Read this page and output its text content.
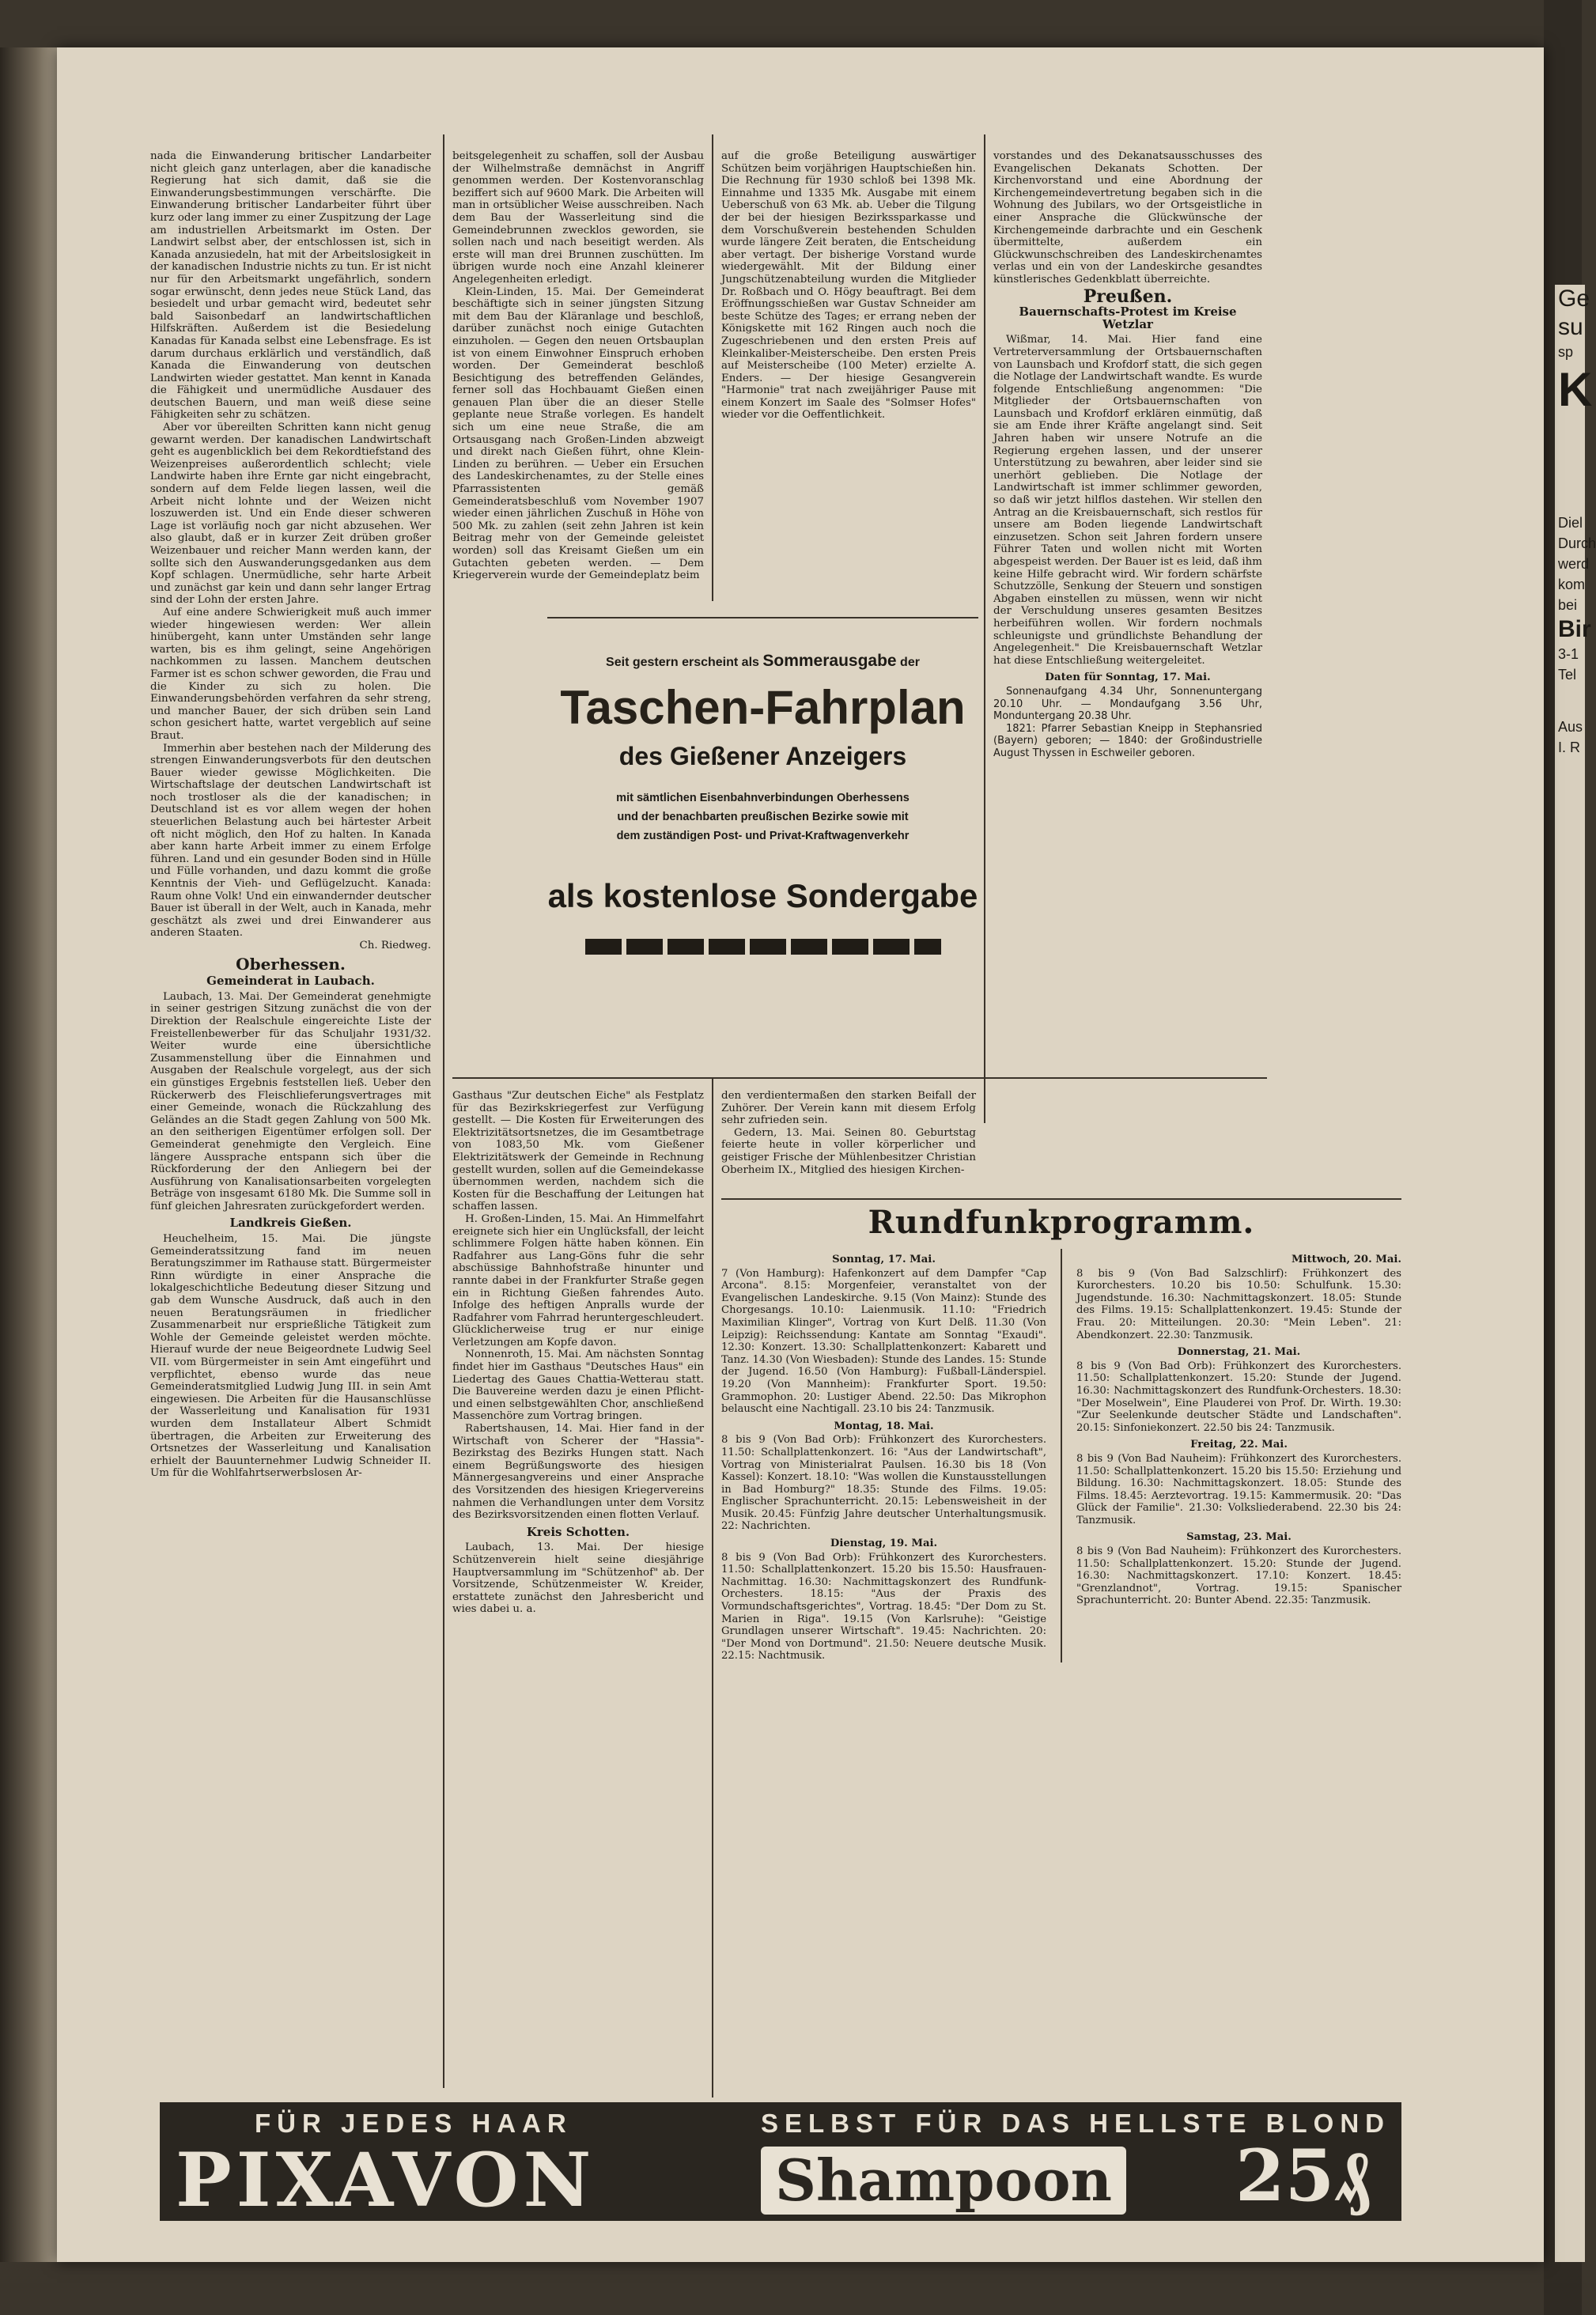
Ge
su
sp
K
Diel
Durch
werd
kom
bei
Bir
3-1
Tel
Aus
I. R

nada die Einwanderung britischer Landarbeiter nicht gleich ganz unterlagen, aber die kanadische Regierung hat sich damit, daß sie die Einwanderungsbestimmungen verschärfte. Die Einwanderung britischer Landarbeiter führt über kurz oder lang immer zu einer Zuspitzung der Lage am industriellen Arbeitsmarkt im Osten. Der Landwirt selbst aber, der entschlossen ist, sich in Kanada anzusiedeln, hat mit der Arbeitslosigkeit in der kanadischen Industrie nichts zu tun. Er ist nicht nur für den Arbeitsmarkt ungefährlich, sondern sogar erwünscht, denn jedes neue Stück Land, das besiedelt und urbar gemacht wird, bedeutet sehr bald Saisonbedarf an landwirtschaftlichen Hilfskräften. Außerdem ist die Besiedelung Kanadas für Kanada selbst eine Lebensfrage. Es ist darum durchaus erklärlich und verständlich, daß Kanada die Einwanderung von deutschen Landwirten wieder gestattet. Man kennt in Kanada die Fähigkeit und unermüdliche Ausdauer des deutschen Bauern, und man weiß diese seine Fähigkeiten sehr zu schätzen.

Aber vor übereilten Schritten kann nicht genug gewarnt werden. Der kanadischen Landwirtschaft geht es augenblicklich bei dem Rekordtiefstand des Weizenpreises außerordentlich schlecht; viele Landwirte haben ihre Ernte gar nicht eingebracht, sondern auf dem Felde liegen lassen, weil die Arbeit nicht lohnte und der Weizen nicht loszuwerden ist. Und ein Ende dieser schweren Lage ist vorläufig noch gar nicht abzusehen. Wer also glaubt, daß er in kurzer Zeit drüben großer Weizenbauer und reicher Mann werden kann, der sollte sich den Auswanderungsgedanken aus dem Kopf schlagen. Unermüdliche, sehr harte Arbeit und zunächst gar kein und dann sehr langer Ertrag sind der Lohn der ersten Jahre.

Auf eine andere Schwierigkeit muß auch immer wieder hingewiesen werden: Wer allein hinübergeht, kann unter Umständen sehr lange warten, bis es ihm gelingt, seine Angehörigen nachkommen zu lassen. Manchem deutschen Farmer ist es schon schwer geworden, die Frau und die Kinder zu sich zu holen. Die Einwanderungsbehörden verfahren da sehr streng, und mancher Bauer, der sich drüben sein Land schon gesichert hatte, wartet vergeblich auf seine Braut.

Immerhin aber bestehen nach der Milderung des strengen Einwanderungsverbots für den deutschen Bauer wieder gewisse Möglichkeiten. Die Wirtschaftslage der deutschen Landwirtschaft ist noch trostloser als die der kanadischen; in Deutschland ist es vor allem wegen der hohen steuerlichen Belastung auch bei härtester Arbeit oft nicht möglich, den Hof zu halten. In Kanada aber kann harte Arbeit immer zu einem Erfolge führen. Land und ein gesunder Boden sind in Hülle und Fülle vorhanden, und dazu kommt die große Kenntnis der Vieh- und Geflügelzucht. Kanada: Raum ohne Volk! Und ein einwandernder deutscher Bauer ist überall in der Welt, auch in Kanada, mehr geschätzt als zwei und drei Einwanderer aus anderen Staaten.

Ch. Riedweg.
Oberhessen.
Gemeinderat in Laubach.

Laubach, 13. Mai. Der Gemeinderat genehmigte in seiner gestrigen Sitzung zunächst die von der Direktion der Realschule eingereichte Liste der Freistellenbewerber für das Schuljahr 1931/32. Weiter wurde eine übersichtliche Zusammenstellung über die Einnahmen und Ausgaben der Realschule vorgelegt, aus der sich ein günstiges Ergebnis feststellen ließ. Ueber den Rückerwerb des Fleischlieferungsvertrages mit einer Gemeinde, wonach die Rückzahlung des Geländes an die Stadt gegen Zahlung von 500 Mk. an den seitherigen Eigentümer erfolgen soll. Der Gemeinderat genehmigte den Vergleich. Eine längere Aussprache entspann sich über die Rückforderung der den Anliegern bei der Ausführung von Kanalisationsarbeiten vorgelegten Beträge von insgesamt 6180 Mk. Die Summe soll in fünf gleichen Jahresraten zurückgefordert werden.

Landkreis Gießen.

Heuchelheim, 15. Mai. Die jüngste Gemeinderatssitzung fand im neuen Beratungszimmer im Rathause statt. Bürgermeister Rinn würdigte in einer Ansprache die lokalgeschichtliche Bedeutung dieser Sitzung und gab dem Wunsche Ausdruck, daß auch in den neuen Beratungsräumen in friedlicher Zusammenarbeit nur ersprießliche Tätigkeit zum Wohle der Gemeinde geleistet werden möchte. Hierauf wurde der neue Beigeordnete Ludwig Seel VII. vom Bürgermeister in sein Amt eingeführt und verpflichtet, ebenso wurde das neue Gemeinderatsmitglied Ludwig Jung III. in sein Amt eingewiesen. Die Arbeiten für die Hausanschlüsse der Wasserleitung und Kanalisation für 1931 wurden dem Installateur Albert Schmidt übertragen, die Arbeiten zur Erweiterung des Ortsnetzes der Wasserleitung und Kanalisation erhielt der Bauunternehmer Ludwig Schneider II. Um für die Wohlfahrtserwerbslosen Ar-

beitsgelegenheit zu schaffen, soll der Ausbau der Wilhelmstraße demnächst in Angriff genommen werden. Der Kostenvoranschlag beziffert sich auf 9600 Mark. Die Arbeiten will man in ortsüblicher Weise ausschreiben. Nach dem Bau der Wasserleitung sind die Gemeindebrunnen zwecklos geworden, sie sollen nach und nach beseitigt werden. Als erste will man drei Brunnen zuschütten. Im übrigen wurde noch eine Anzahl kleinerer Angelegenheiten erledigt.

Klein-Linden, 15. Mai. Der Gemeinderat beschäftigte sich in seiner jüngsten Sitzung mit dem Bau der Kläranlage und beschloß, darüber zunächst noch einige Gutachten einzuholen. — Gegen den neuen Ortsbauplan ist von einem Einwohner Einspruch erhoben worden. Der Gemeinderat beschloß Besichtigung des betreffenden Geländes, ferner soll das Hochbauamt Gießen einen genauen Plan über die an dieser Stelle geplante neue Straße vorlegen. Es handelt sich um eine neue Straße, die am Ortsausgang nach Großen-Linden abzweigt und direkt nach Gießen führt, ohne Klein-Linden zu berühren. — Ueber ein Ersuchen des Landeskirchenamtes, zu der Stelle eines Pfarrassistenten gemäß Gemeinderatsbeschluß vom November 1907 wieder einen jährlichen Zuschuß in Höhe von 500 Mk. zu zahlen (seit zehn Jahren ist kein Beitrag mehr von der Gemeinde geleistet worden) soll das Kreisamt Gießen um ein Gutachten gebeten werden. — Dem Kriegerverein wurde der Gemeindeplatz beim

auf die große Beteiligung auswärtiger Schützen beim vorjährigen Hauptschießen hin. Die Rechnung für 1930 schloß bei 1398 Mk. Einnahme und 1335 Mk. Ausgabe mit einem Ueberschuß von 63 Mk. ab. Ueber die Tilgung der bei der hiesigen Bezirkssparkasse und dem Vorschußverein bestehenden Schulden wurde längere Zeit beraten, die Entscheidung aber vertagt. Der bisherige Vorstand wurde wiedergewählt. Mit der Bildung einer Jungschützenabteilung wurden die Mitglieder Dr. Roßbach und O. Högy beauftragt. Bei dem Eröffnungsschießen war Gustav Schneider am beste Schütze des Tages; er errang neben der Königskette mit 162 Ringen auch noch die Zugeschriebenen und den ersten Preis auf Kleinkaliber-Meisterscheibe. Den ersten Preis auf Meisterscheibe (100 Meter) erzielte A. Enders. — Der hiesige Gesangverein "Harmonie" trat nach zweijähriger Pause mit einem Konzert im Saale des "Solmser Hofes" wieder vor die Oeffentlichkeit.

vorstandes und des Dekanatsausschusses des Evangelischen Dekanats Schotten. Der Kirchenvorstand und eine Abordnung der Kirchengemeindevertretung begaben sich in die Wohnung des Jubilars, wo der Ortsgeistliche in einer Ansprache die Glückwünsche der Kirchengemeinde darbrachte und ein Geschenk übermittelte, außerdem ein Glückwunschschreiben des Landeskirchenamtes verlas und ein von der Landeskirche gesandtes künstlerisches Gedenkblatt überreichte.

Preußen.
Bauernschafts-Protest im Kreise Wetzlar

Wißmar, 14. Mai. Hier fand eine Vertreterversammlung der Ortsbauernschaften von Launsbach und Krofdorf statt, die sich gegen die Notlage der Landwirtschaft wandte. Es wurde folgende Entschließung angenommen: "Die Mitglieder der Ortsbauernschaften von Launsbach und Krofdorf erklären einmütig, daß sie am Ende ihrer Kräfte angelangt sind. Seit Jahren haben wir unsere Notrufe an die Regierung ergehen lassen, und der unserer Unterstützung zu bewahren, aber leider sind sie unerhört geblieben. Die Notlage der Landwirtschaft ist immer schlimmer geworden, so daß wir jetzt hilflos dastehen. Wir stellen den Antrag an die Kreisbauernschaft, sich restlos für unsere am Boden liegende Landwirtschaft einzusetzen. Schon seit Jahren fordern unsere Führer Taten und wollen nicht mit Worten abgespeist werden. Der Bauer ist es leid, daß ihm keine Hilfe gebracht wird. Wir fordern schärfste Schutzzölle, Senkung der Steuern und sonstigen Abgaben einstellen zu müssen, wenn wir nicht der Verschuldung unseres gesamten Besitzes herbeiführen wollen. Wir fordern nochmals schleunigste und gründlichste Behandlung der Angelegenheit." Die Kreisbauernschaft Wetzlar hat diese Entschließung weitergeleitet.

Daten für Sonntag, 17. Mai.

Sonnenaufgang 4.34 Uhr, Sonnenuntergang 20.10 Uhr. — Mondaufgang 3.56 Uhr, Monduntergang 20.38 Uhr.

1821: Pfarrer Sebastian Kneipp in Stephansried (Bayern) geboren; — 1840: der Großindustrielle August Thyssen in Eschweiler geboren.

Seit gestern erscheint als Sommerausgabe der
Taschen-Fahrplan
des Gießener Anzeigers
mit sämtlichen Eisenbahnverbindungen Oberhessens
und der benachbarten preußischen Bezirke sowie mit
dem zuständigen Post- und Privat-Kraftwagenverkehr
als kostenlose Sondergabe

Gasthaus "Zur deutschen Eiche" als Festplatz für das Bezirkskriegerfest zur Verfügung gestellt. — Die Kosten für Erweiterungen des Elektrizitätsortsnetzes, die im Gesamtbetrage von 1083,50 Mk. vom Gießener Elektrizitätswerk der Gemeinde in Rechnung gestellt wurden, sollen auf die Gemeindekasse übernommen werden, nachdem sich die Kosten für die Beschaffung der Leitungen hat schaffen lassen.

H. Großen-Linden, 15. Mai. An Himmelfahrt ereignete sich hier ein Unglücksfall, der leicht schlimmere Folgen hätte haben können. Ein Radfahrer aus Lang-Göns fuhr die sehr abschüssige Bahnhofstraße hinunter und rannte dabei in der Frankfurter Straße gegen ein in Richtung Gießen fahrendes Auto. Infolge des heftigen Anpralls wurde der Radfahrer vom Fahrrad heruntergeschleudert. Glücklicherweise trug er nur einige Verletzungen am Kopfe davon.

Nonnenroth, 15. Mai. Am nächsten Sonntag findet hier im Gasthaus "Deutsches Haus" ein Liedertag des Gaues Chattia-Wetterau statt. Die Bauvereine werden dazu je einen Pflicht- und einen selbstgewählten Chor, anschließend Massenchöre zum Vortrag bringen.

Rabertshausen, 14. Mai. Hier fand in der Wirtschaft von Scherer der "Hassia"-Bezirkstag des Bezirks Hungen statt. Nach einem Begrüßungsworte des hiesigen Männergesangvereins und einer Ansprache des Vorsitzenden des hiesigen Kriegervereins nahmen die Verhandlungen unter dem Vorsitz des Bezirksvorsitzenden einen flotten Verlauf.

Kreis Schotten.

Laubach, 13. Mai. Der hiesige Schützenverein hielt seine diesjährige Hauptversammlung im "Schützenhof" ab. Der Vorsitzende, Schützenmeister W. Kreider, erstattete zunächst den Jahresbericht und wies dabei u. a.

den verdientermaßen den starken Beifall der Zuhörer. Der Verein kann mit diesem Erfolg sehr zufrieden sein.

Gedern, 13. Mai. Seinen 80. Geburtstag feierte heute in voller körperlicher und geistiger Frische der Mühlenbesitzer Christian Oberheim IX., Mitglied des hiesigen Kirchen-

Rundfunkprogramm.
Sonntag, 17. Mai.
7 (Von Hamburg): Hafenkonzert auf dem Dampfer "Cap Arcona". 8.15: Morgenfeier, veranstaltet von der Evangelischen Landeskirche. 9.15 (Von Mainz): Stunde des Chorgesangs. 10.10: Laienmusik. 11.10: "Friedrich Maximilian Klinger", Vortrag von Kurt Delß. 11.30 (Von Leipzig): Reichssendung: Kantate am Sonntag "Exaudi". 12.30: Konzert. 13.30: Schallplattenkonzert: Kabarett und Tanz. 14.30 (Von Wiesbaden): Stunde des Landes. 15: Stunde der Jugend. 16.50 (Von Hamburg): Fußball-Länderspiel. 19.20 (Von Mannheim): Frankfurter Sport. 19.50: Grammophon. 20: Lustiger Abend. 22.50: Das Mikrophon belauscht eine Nachtigall. 23.10 bis 24: Tanzmusik.
Montag, 18. Mai.
8 bis 9 (Von Bad Orb): Frühkonzert des Kurorchesters. 11.50: Schallplattenkonzert. 16: "Aus der Landwirtschaft", Vortrag von Ministerialrat Paulsen. 16.30 bis 18 (Von Kassel): Konzert. 18.10: "Was wollen die Kunstausstellungen in Bad Homburg?" 18.35: Stunde des Films. 19.05: Englischer Sprachunterricht. 20.15: Lebensweisheit in der Musik. 20.45: Fünfzig Jahre deutscher Unterhaltungsmusik. 22: Nachrichten.
Dienstag, 19. Mai.
8 bis 9 (Von Bad Orb): Frühkonzert des Kurorchesters. 11.50: Schallplattenkonzert. 15.20 bis 15.50: Hausfrauen-Nachmittag. 16.30: Nachmittagskonzert des Rundfunk-Orchesters. 18.15: "Aus der Praxis des Vormundschaftsgerichtes", Vortrag. 18.45: "Der Dom zu St. Marien in Riga". 19.15 (Von Karlsruhe): "Geistige Grundlagen unserer Wirtschaft". 19.45: Nachrichten. 20: "Der Mond von Dortmund". 21.50: Neuere deutsche Musik. 22.15: Nachtmusik.
Mittwoch, 20. Mai.
8 bis 9 (Von Bad Salzschlirf): Frühkonzert des Kurorchesters. 10.20 bis 10.50: Schulfunk. 15.30: Jugendstunde. 16.30: Nachmittagskonzert. 18.05: Stunde des Films. 19.15: Schallplattenkonzert. 19.45: Stunde der Frau. 20: Mitteilungen. 20.30: "Mein Leben". 21: Abendkonzert. 22.30: Tanzmusik.
Donnerstag, 21. Mai.
8 bis 9 (Von Bad Orb): Frühkonzert des Kurorchesters. 11.50: Schallplattenkonzert. 15.20: Stunde der Jugend. 16.30: Nachmittagskonzert des Rundfunk-Orchesters. 18.30: "Der Moselwein", Eine Plauderei von Prof. Dr. Wirth. 19.30: "Zur Seelenkunde deutscher Städte und Landschaften". 20.15: Sinfoniekonzert. 22.50 bis 24: Tanzmusik.
Freitag, 22. Mai.
8 bis 9 (Von Bad Nauheim): Frühkonzert des Kurorchesters. 11.50: Schallplattenkonzert. 15.20 bis 15.50: Erziehung und Bildung. 16.30: Nachmittagskonzert. 18.05: Stunde des Films. 18.45: Aerztevortrag. 19.15: Kammermusik. 20: "Das Glück der Familie". 21.30: Volksliederabend. 22.30 bis 24: Tanzmusik.
Samstag, 23. Mai.
8 bis 9 (Von Bad Nauheim): Frühkonzert des Kurorchesters. 11.50: Schallplattenkonzert. 15.20: Stunde der Jugend. 16.30: Nachmittagskonzert. 17.10: Konzert. 18.45: "Grenzlandnot", Vortrag. 19.15: Spanischer Sprachunterricht. 20: Bunter Abend. 22.35: Tanzmusik.
FÜR JEDES HAAR	SELBST FÜR DAS HELLSTE BLOND
PIXAVON	Shampoon 25₰
